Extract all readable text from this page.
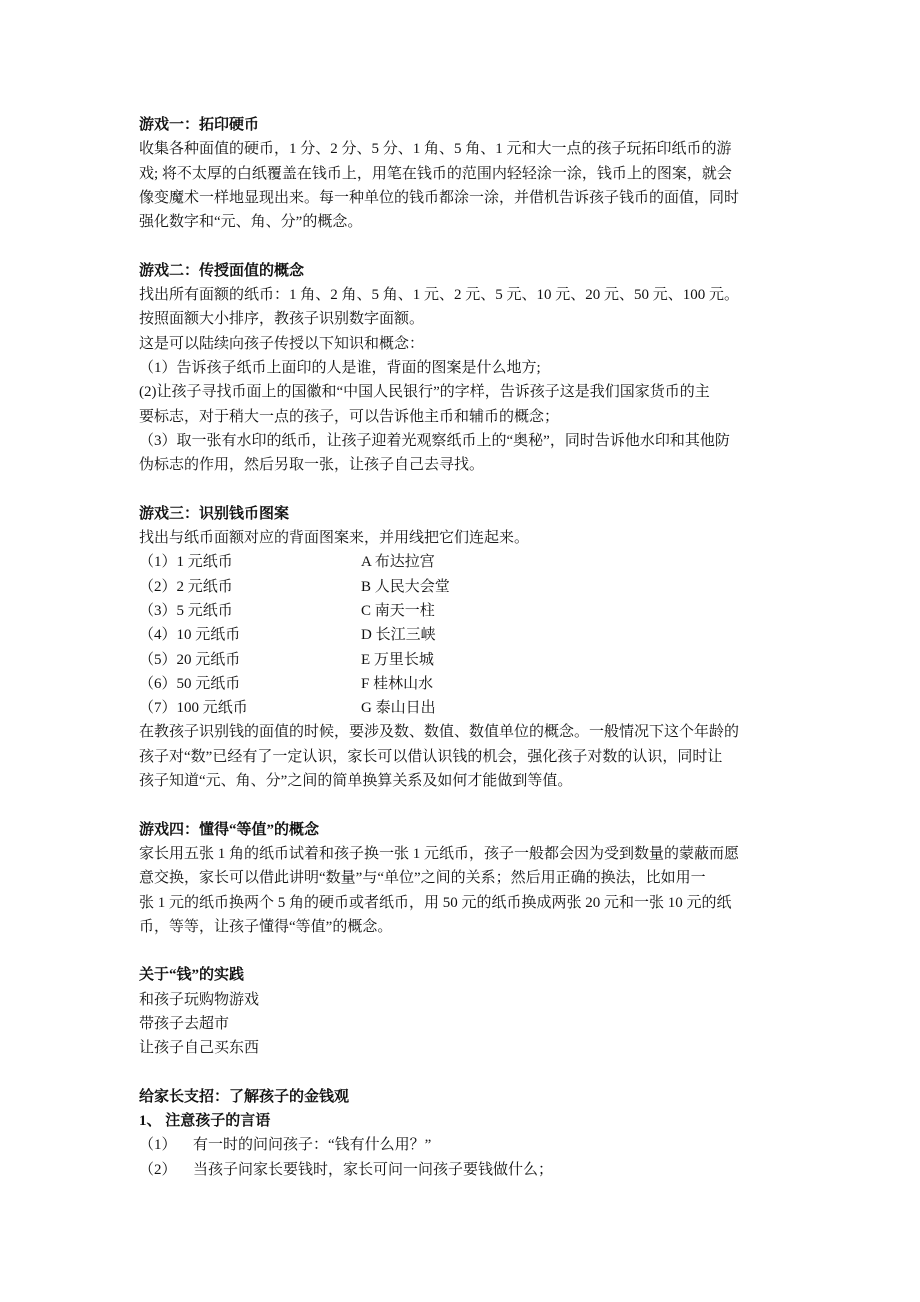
游戏一：拓印硬币
收集各种面值的硬币，1 分、2 分、5 分、1 角、5 角、1 元和大一点的孩子玩拓印纸币的游
戏; 将不太厚的白纸覆盖在钱币上，用笔在钱币的范围内轻轻涂一涂，钱币上的图案，就会
像变魔术一样地显现出来。每一种单位的钱币都涂一涂，并借机告诉孩子钱币的面值，同时
强化数字和“元、角、分”的概念。
游戏二：传授面值的概念
找出所有面额的纸币：1 角、2 角、5 角、1 元、2 元、5 元、10 元、20 元、50 元、100 元。
按照面额大小排序，教孩子识别数字面额。
这是可以陆续向孩子传授以下知识和概念：
（1）告诉孩子纸币上面印的人是谁，背面的图案是什么地方;
(2)让孩子寻找币面上的国徽和“中国人民银行”的字样，告诉孩子这是我们国家货币的主
要标志，对于稍大一点的孩子，可以告诉他主币和辅币的概念；
（3）取一张有水印的纸币，让孩子迎着光观察纸币上的“奥秘”，同时告诉他水印和其他防
伪标志的作用，然后另取一张，让孩子自己去寻找。
游戏三：识别钱币图案
找出与纸币面额对应的背面图案来，并用线把它们连起来。
（1）1 元纸币	A 布达拉宫
（2）2 元纸币	B 人民大会堂
（3）5 元纸币	C 南天一柱
（4）10 元纸币	D 长江三峡
（5）20 元纸币	E 万里长城
（6）50 元纸币	F 桂林山水
（7）100 元纸币	G 泰山日出
在教孩子识别钱的面值的时候，要涉及数、数值、数值单位的概念。一般情况下这个年龄的
孩子对“数”已经有了一定认识，家长可以借认识钱的机会，强化孩子对数的认识，同时让
孩子知道“元、角、分”之间的简单换算关系及如何才能做到等值。
游戏四：懂得“等值”的概念
家长用五张 1 角的纸币试着和孩子换一张 1 元纸币，孩子一般都会因为受到数量的蒙蔽而愿
意交换，家长可以借此讲明“数量”与“单位”之间的关系；然后用正确的换法，比如用一
张 1 元的纸币换两个 5 角的硬币或者纸币，用 50 元的纸币换成两张 20 元和一张 10 元的纸
币，等等，让孩子懂得“等值”的概念。
关于“钱”的实践
和孩子玩购物游戏
带孩子去超市
让孩子自己买东西
给家长支招：了解孩子的金钱观
1、 注意孩子的言语
（1）	有一时的问问孩子：“钱有什么用？”
（2）	当孩子问家长要钱时，家长可问一问孩子要钱做什么；
